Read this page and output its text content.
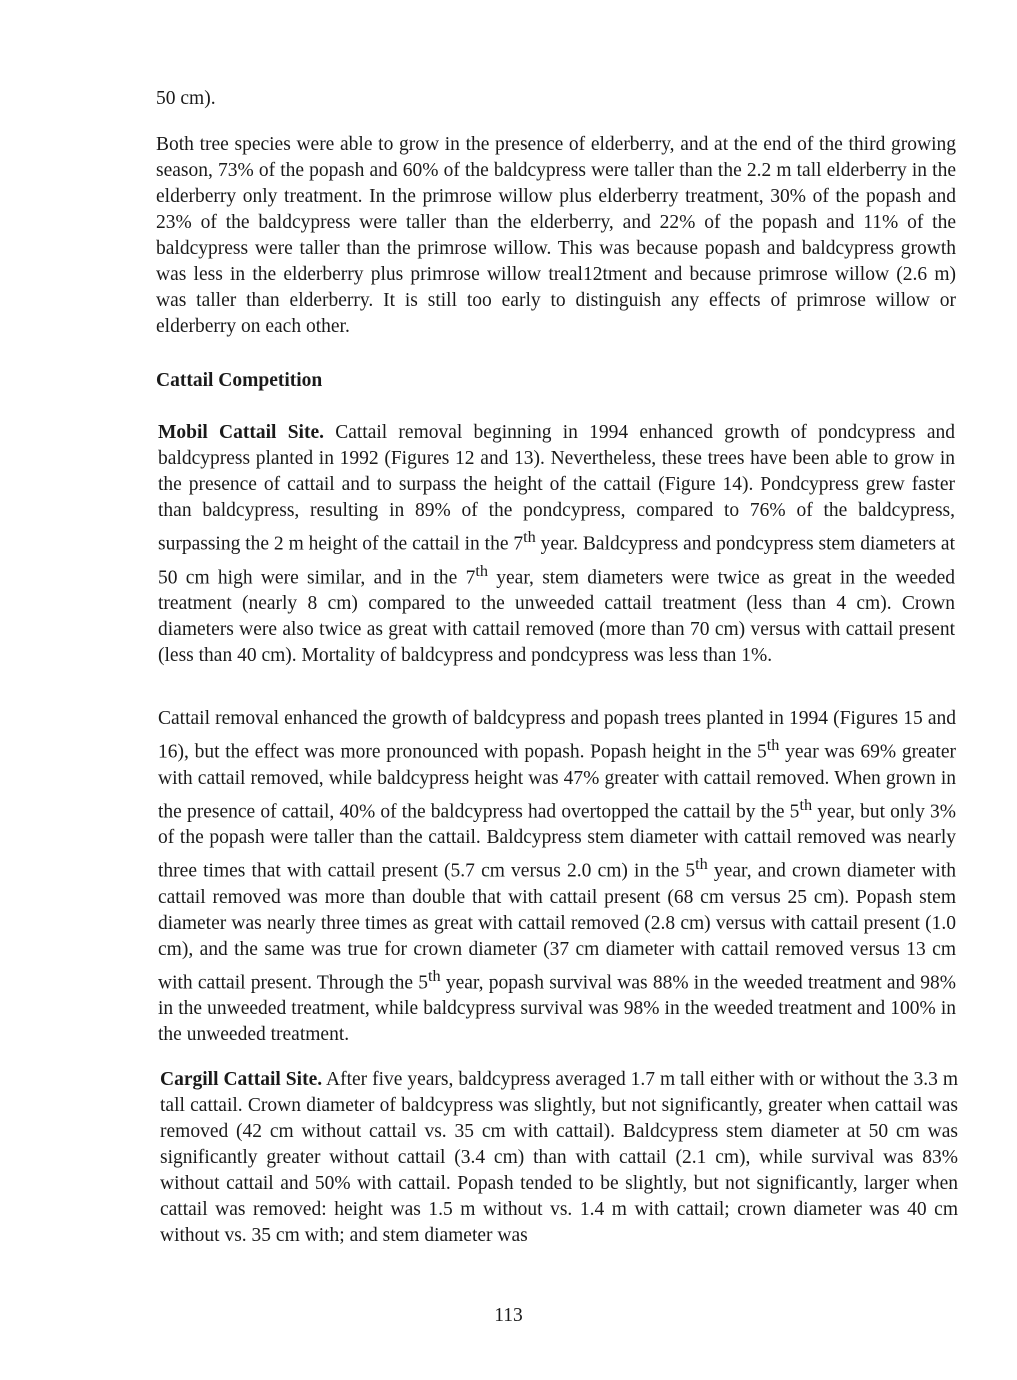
50 cm).

Both tree species were able to grow in the presence of elderberry, and at the end of the third growing season, 73% of the popash and 60% of the baldcypress were taller than the 2.2 m tall elderberry in the elderberry only treatment. In the primrose willow plus elderberry treatment, 30% of the popash and 23% of the baldcypress were taller than the elderberry, and 22% of the popash and 11% of the baldcypress were taller than the primrose willow. This was because popash and baldcypress growth was less in the elderberry plus primrose willow treal12tment and because primrose willow (2.6 m) was taller than elderberry. It is still too early to distinguish any effects of primrose willow or elderberry on each other.

Cattail Competition

Mobil Cattail Site. Cattail removal beginning in 1994 enhanced growth of pondcypress and baldcypress planted in 1992 (Figures 12 and 13). Nevertheless, these trees have been able to grow in the presence of cattail and to surpass the height of the cattail (Figure 14). Pondcypress grew faster than baldcypress, resulting in 89% of the pondcypress, compared to 76% of the baldcypress, surpassing the 2 m height of the cattail in the 7th year. Baldcypress and pondcypress stem diameters at 50 cm high were similar, and in the 7th year, stem diameters were twice as great in the weeded treatment (nearly 8 cm) compared to the unweeded cattail treatment (less than 4 cm). Crown diameters were also twice as great with cattail removed (more than 70 cm) versus with cattail present (less than 40 cm). Mortality of baldcypress and pondcypress was less than 1%.

Cattail removal enhanced the growth of baldcypress and popash trees planted in 1994 (Figures 15 and 16), but the effect was more pronounced with popash. Popash height in the 5th year was 69% greater with cattail removed, while baldcypress height was 47% greater with cattail removed. When grown in the presence of cattail, 40% of the baldcypress had overtopped the cattail by the 5th year, but only 3% of the popash were taller than the cattail. Baldcypress stem diameter with cattail removed was nearly three times that with cattail present (5.7 cm versus 2.0 cm) in the 5th year, and crown diameter with cattail removed was more than double that with cattail present (68 cm versus 25 cm). Popash stem diameter was nearly three times as great with cattail removed (2.8 cm) versus with cattail present (1.0 cm), and the same was true for crown diameter (37 cm diameter with cattail removed versus 13 cm with cattail present. Through the 5th year, popash survival was 88% in the weeded treatment and 98% in the unweeded treatment, while baldcypress survival was 98% in the weeded treatment and 100% in the unweeded treatment.

Cargill Cattail Site. After five years, baldcypress averaged 1.7 m tall either with or without the 3.3 m tall cattail. Crown diameter of baldcypress was slightly, but not significantly, greater when cattail was removed (42 cm without cattail vs. 35 cm with cattail). Baldcypress stem diameter at 50 cm was significantly greater without cattail (3.4 cm) than with cattail (2.1 cm), while survival was 83% without cattail and 50% with cattail. Popash tended to be slightly, but not significantly, larger when cattail was removed: height was 1.5 m without vs. 1.4 m with cattail; crown diameter was 40 cm without vs. 35 cm with; and stem diameter was

113
